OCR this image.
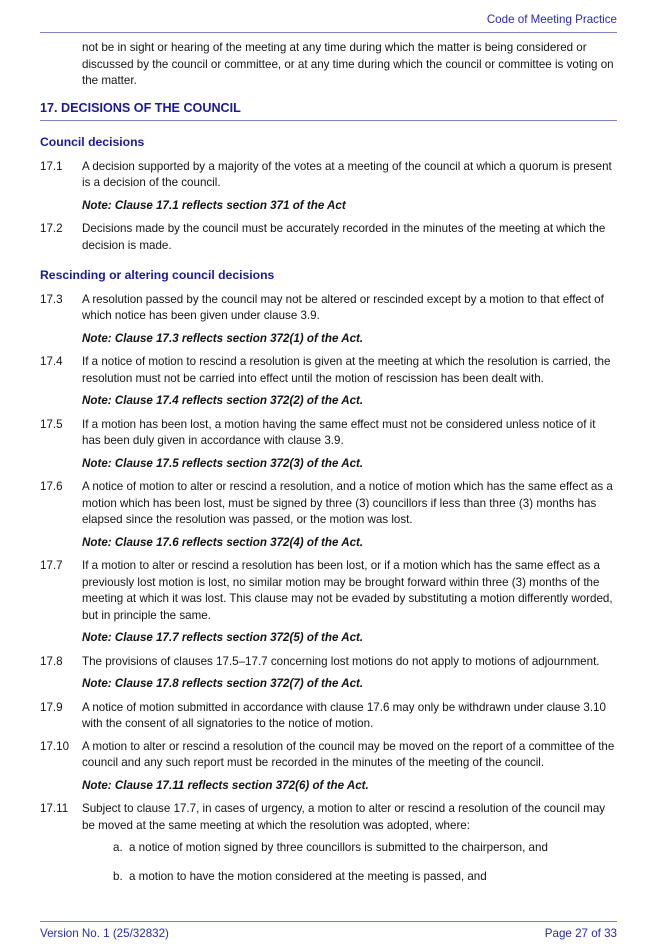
Code of Meeting Practice

not be in sight or hearing of the meeting at any time during which the matter is being considered or discussed by the council or committee, or at any time during which the council or committee is voting on the matter.

17. DECISIONS OF THE COUNCIL
Council decisions
17.1	A decision supported by a majority of the votes at a meeting of the council at which a quorum is present is a decision of the council.
Note: Clause 17.1 reflects section 371 of the Act
17.2	Decisions made by the council must be accurately recorded in the minutes of the meeting at which the decision is made.
Rescinding or altering council decisions
17.3	A resolution passed by the council may not be altered or rescinded except by a motion to that effect of which notice has been given under clause 3.9.
Note: Clause 17.3 reflects section 372(1) of the Act.
17.4	If a notice of motion to rescind a resolution is given at the meeting at which the resolution is carried, the resolution must not be carried into effect until the motion of rescission has been dealt with.
Note: Clause 17.4 reflects section 372(2) of the Act.
17.5	If a motion has been lost, a motion having the same effect must not be considered unless notice of it has been duly given in accordance with clause 3.9.
Note: Clause 17.5 reflects section 372(3) of the Act.
17.6	A notice of motion to alter or rescind a resolution, and a notice of motion which has the same effect as a motion which has been lost, must be signed by three (3) councillors if less than three (3) months has elapsed since the resolution was passed, or the motion was lost.
Note: Clause 17.6 reflects section 372(4) of the Act.
17.7	If a motion to alter or rescind a resolution has been lost, or if a motion which has the same effect as a previously lost motion is lost, no similar motion may be brought forward within three (3) months of the meeting at which it was lost. This clause may not be evaded by substituting a motion differently worded, but in principle the same.
Note: Clause 17.7 reflects section 372(5) of the Act.
17.8	The provisions of clauses 17.5–17.7 concerning lost motions do not apply to motions of adjournment.
Note: Clause 17.8 reflects section 372(7) of the Act.
17.9	A notice of motion submitted in accordance with clause 17.6 may only be withdrawn under clause 3.10 with the consent of all signatories to the notice of motion.
17.10	A motion to alter or rescind a resolution of the council may be moved on the report of a committee of the council and any such report must be recorded in the minutes of the meeting of the council.
Note: Clause 17.11 reflects section 372(6) of the Act.
17.11	Subject to clause 17.7, in cases of urgency, a motion to alter or rescind a resolution of the council may be moved at the same meeting at which the resolution was adopted, where:
a. a notice of motion signed by three councillors is submitted to the chairperson, and
b. a motion to have the motion considered at the meeting is passed, and
Version No. 1 (25/32832)	Page 27 of 33
